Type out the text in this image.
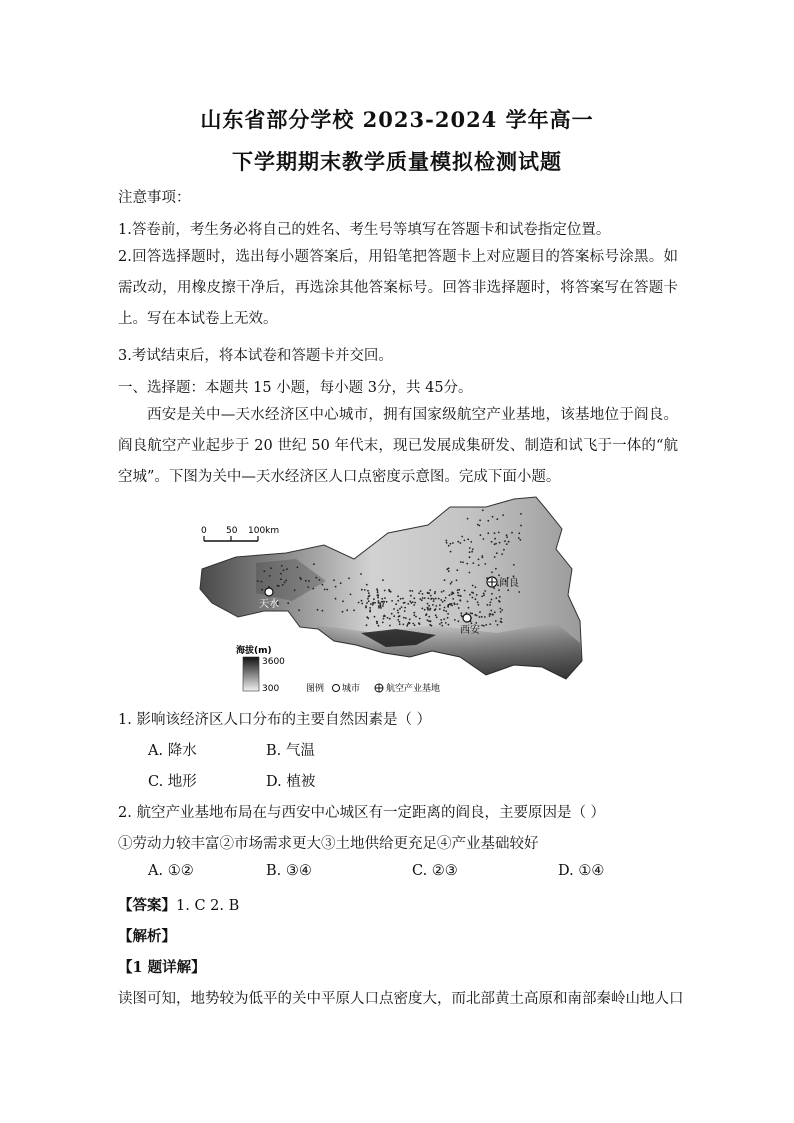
山东省部分学校 2023-2024 学年高一
下学期期末教学质量模拟检测试题
注意事项：
1.答卷前，考生务必将自己的姓名、考生号等填写在答题卡和试卷指定位置。
2.回答选择题时，选出每小题答案后，用铅笔把答题卡上对应题目的答案标号涂黑。如需改动，用橡皮擦干净后，再选涂其他答案标号。回答非选择题时，将答案写在答题卡上。写在本试卷上无效。
3.考试结束后，将本试卷和答题卡并交回。
一、选择题：本题共 15 小题，每小题 3分，共 45分。
西安是关中—天水经济区中心城市，拥有国家级航空产业基地，该基地位于阎良。阎良航空产业起步于 20 世纪 50 年代末，现已发展成集研发、制造和试飞于一体的“航空城”。下图为关中—天水经济区人口点密度示意图。完成下面小题。
0 50 100km
天水
西安
阎良
海拔(m)
3600
300	图例 城市	航空产业基地
1. 影响该经济区人口分布的主要自然因素是（ ）
A. 降水	B. 气温
C. 地形	D. 植被
2. 航空产业基地布局在与西安中心城区有一定距离的阎良，主要原因是（ ）
①劳动力较丰富②市场需求更大③土地供给更充足④产业基础较好
A. ①②	B. ③④	C. ②③	D. ①④
【答案】1. C 2. B
【解析】
【1 题详解】
读图可知，地势较为低平的关中平原人口点密度大，而北部黄土高原和南部秦岭山地人口
